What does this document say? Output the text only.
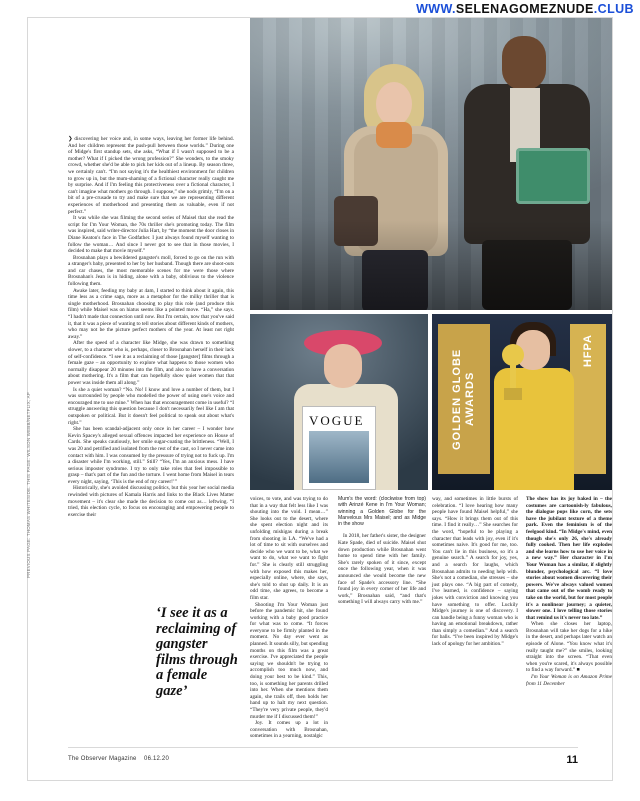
WWW.SELENAGOMEZNUDE.CLUB
PREVIOUS PAGE: THOMAS WHITESIDE. THIS PAGE: WILSON WEBB/NETFLIX; AP	VOGUE	GOLDEN GLOBE AWARDS
HFPA

❯ discovering her voice and, in some ways, leaving her former life behind. And her children represent the push-pull between those worlds.” During one of Midge's first standup sets, she asks, “What if I wasn't supposed to be a mother? What if I picked the wrong profession?” She wonders, to the smoky crowd, whether she'd be able to pick her kids out of a lineup. By season three, we certainly can't. “I'm not saying it's the healthiest environment for children to grow up in, but the mum-shaming of a fictional character really caught me by surprise. And if I'm feeling this protectiveness over a fictional character, I can't imagine what mothers go through. I suppose,” she nods grimly, “I'm on a bit of a pre-crusade to try and make sure that we are representing different experiences of motherhood and presenting them as valuable, even if not perfect.”

It was while she was filming the second series of Maisel that she read the script for I'm Your Woman, the 70s thriller she's promoting today. The film was inspired, said writer-director Julia Hart, by “the moment the door closes in Diane Keaton's face in The Godfather. I just always found myself wanting to follow the woman… And since I never got to see that in those movies, I decided to make that movie myself.”

Brosnahan plays a bewildered gangster's moll, forced to go on the run with a stranger's baby, presented to her by her husband. Though there are shoot-outs and car chases, the most memorable scenes for me were those where Brosnahan's Jean is in hiding, alone with a baby, oblivious to the violence following them.

Awake later, feeding my baby at 4am, I started to think about it again, this time less as a crime saga, more as a metaphor for the milky thriller that is single motherhood. Brosnahan choosing to play this role (and produce this film) while Maisel was on hiatus seems like a pointed move. “Ha,” she says. “I hadn't made that connection until now. But I'm certain, now that you've said it, that it was a piece of wanting to tell stories about different kinds of mothers, who may not be the picture perfect mothers of the year. At least not right away.”

After the speed of a character like Midge, she was drawn to something slower, to a character who is, perhaps, closer to Brosnahan herself in their lack of self-confidence. “I see it as a reclaiming of those [gangster] films through a female gaze – an opportunity to explore what happens to those women who normally disappear 20 minutes into the film, and also to have a conversation about mothering. It's a film that can hopefully show quiet women that that power was inside them all along.”

Is she a quiet woman? “No. No! I know and love a number of them, but I was surrounded by people who modelled the power of using one's voice and encouraged me to use mine.” When has that encouragement come in useful? “I struggle answering this question because I don't necessarily feel like I am that outspoken or political. But it doesn't feel political to speak out about what's right.”

She has been scandal-adjacent only once in her career – I wonder how Kevin Spacey's alleged sexual offences impacted her experience on House of Cards. She speaks cautiously, her smile sugar-coating the brittleness. “Well, I was 20 and petrified and isolated from the rest of the cast, so I never came into contact with him. I was consumed by the pressure of trying not to fuck up. I'm a disaster while I'm working, still.” Still? “Yes, I'm an anxious mess. I have serious imposter syndrome. I try to only take roles that feel impossible to grasp – that's part of the fun and the torture. I went home from Maisel in tears every night, saying, ‘This is the end of my career!’”

Historically, she's avoided discussing politics, but this year her social media rewinded with pictures of Kamala Harris and links to the Black Lives Matter movement – it's clear she made the decision to come out as… leftwing. “I tried, this election cycle, to focus on encouraging and empowering people to exercise their

‘I see it as a reclaiming of gangster films through a female gaze’
Mum's the word: (clockwise from top) with Arinzé Kene in I'm Your Woman; winning a Golden Globe for the Marvelous Mrs Maisel; and as Midge in the show

In 2018, her father's sister, the designer Kate Spade, died of suicide. Maisel shut down production while Brosnahan went home to spend time with her family. She's rarely spoken of it since, except once the following year, when it was announced she would become the new face of Spade's accessory line. “She found joy in every corner of her life and work,” Brosnahan said, “and that's something I will always carry with me.”

voices, to vote, and was trying to do that in a way that felt less like I was shouting into the void. I mean…” She looks out to the desert, where she spent election night and its unfolding mishigas during a break from shooting in LA. “We've had a lot of time to sit with ourselves and decide who we want to be, what we want to do, what we want to fight for.” She is clearly still struggling with how exposed this makes her, especially online, where, she says, she's told to shut up daily. It is an odd time, she agrees, to become a film star.

Shooting I'm Your Woman just before the pandemic hit, she found working with a baby good practice for what was to come. “It forces everyone to be firmly planted in the moment. No day ever went as planned. It sounds silly, but spending months on this film was a great exercise. I've appreciated the people saying we shouldn't be trying to accomplish too much now, and doing your best to be kind.” This, too, is something her parents drilled into her. When she mentions them again, she trails off, then holds her hand up to halt my next question. “They're very private people, they'd murder me if I discussed them!”

Joy. It comes up a lot in conversation with Brosnahan, sometimes in a yearning, nostalgic

way, and sometimes in little bursts of celebration. “I love hearing how many people have found Maisel helpful,” she says. “How it brings them out of this time. I find it really…” She searches for the word, “hopeful to be playing a character that leads with joy, even if it's sometimes naive. It's good for me, too. You can't lie in this business, so it's a genuine search.” A search for joy, yes, and a search for laughs, which Brosnahan admits to needing help with. She's not a comedian, she stresses – she just plays one. “A big part of comedy, I've learned, is confidence – saying jokes with conviction and knowing you have something to offer. Luckily Midge's journey is one of discovery. I can handle being a funny woman who is having an emotional breakdown, rather than simply a comedian.” And a search for balls. “I've been inspired by Midge's lack of apology for her ambition.”

The show has its joy baked in – the costumes are cartoonish-ly fabulous, the dialogue pops like corn, the sets have the jubilant texture of a theme park. Even the feminism is of the feelgood kind. “In Midge's mind, even though she's only 26, she's already fully cooked. Then her life explodes and she learns how to use her voice in a new way.” Her character in I'm Your Woman has a similar, if slightly blunder, psychological arc. “I love stories about women discovering their powers. We've always valued women that came out of the womb ready to take on the world, but for most people it's a nonlinear journey; a quieter, slower one. I love telling those stories that remind us it's never too late.”

When she closes her laptop, Brosnahan will take her dogs for a hike in the desert, and perhaps later watch an episode of Alone. “You know what it's really taught me?” she smiles, looking straight into the screen. “That even when you're scared, it's always possible to find a way forward.” ■

I'm Your Woman is on Amazon Prime from 11 December

The Observer Magazine 06.12.20	11
